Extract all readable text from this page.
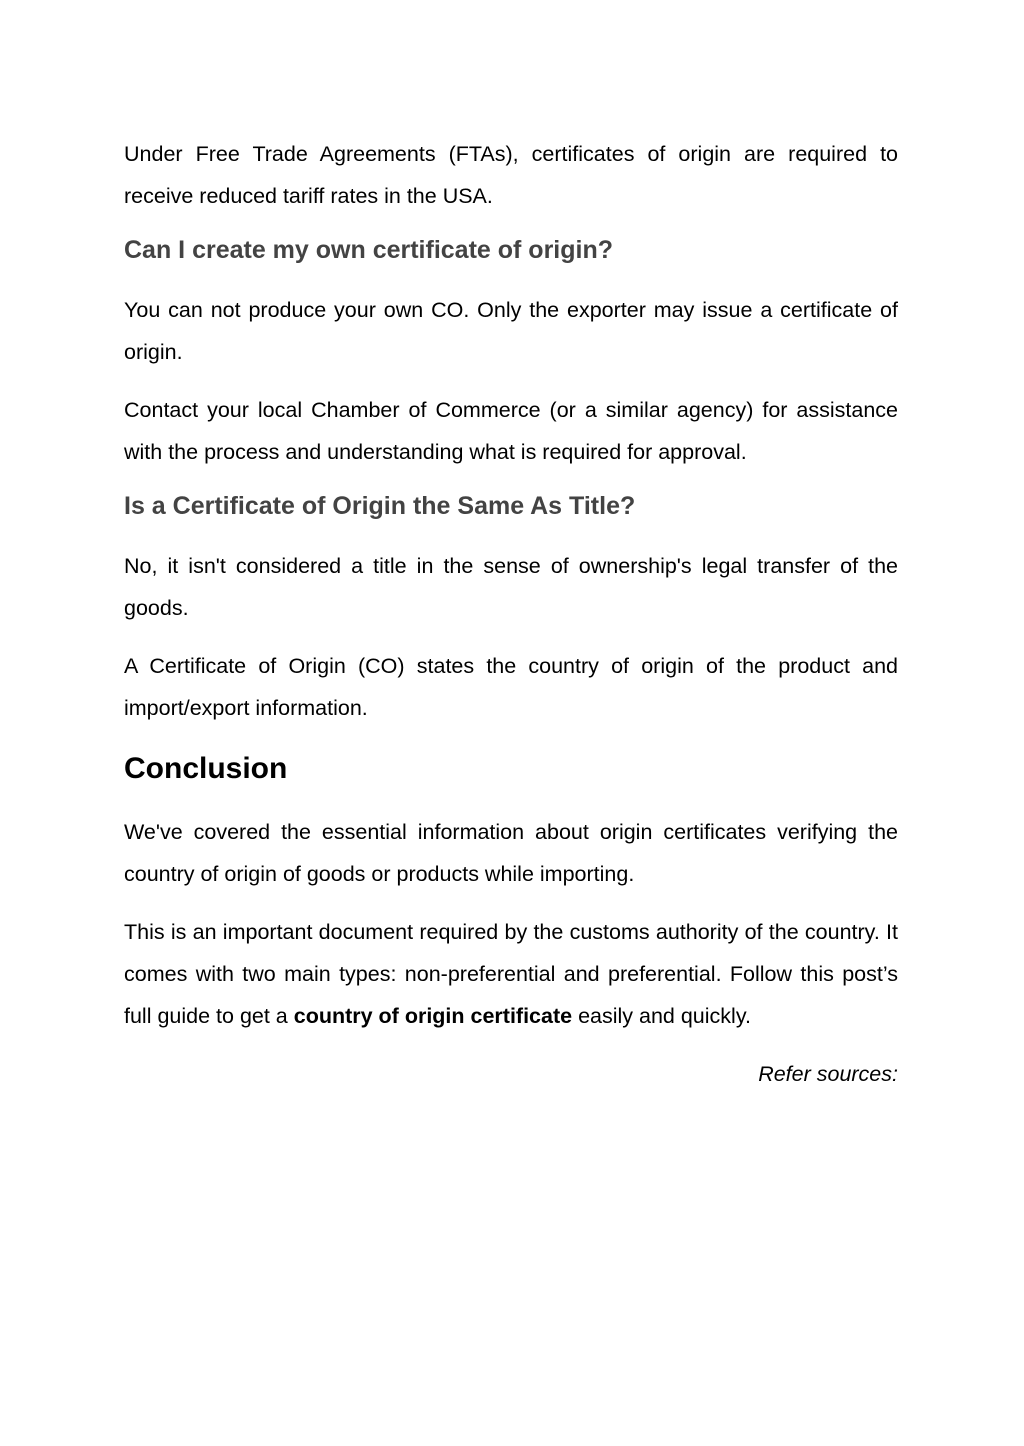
Under Free Trade Agreements (FTAs), certificates of origin are required to receive reduced tariff rates in the USA.

Can I create my own certificate of origin?

You can not produce your own CO. Only the exporter may issue a certificate of origin.

Contact your local Chamber of Commerce (or a similar agency) for assistance with the process and understanding what is required for approval.

Is a Certificate of Origin the Same As Title?

No, it isn't considered a title in the sense of ownership's legal transfer of the goods.

A Certificate of Origin (CO) states the country of origin of the product and import/export information.

Conclusion

We've covered the essential information about origin certificates verifying the country of origin of goods or products while importing.

This is an important document required by the customs authority of the country. It comes with two main types: non-preferential and preferential. Follow this post’s full guide to get a country of origin certificate easily and quickly.

Refer sources:
